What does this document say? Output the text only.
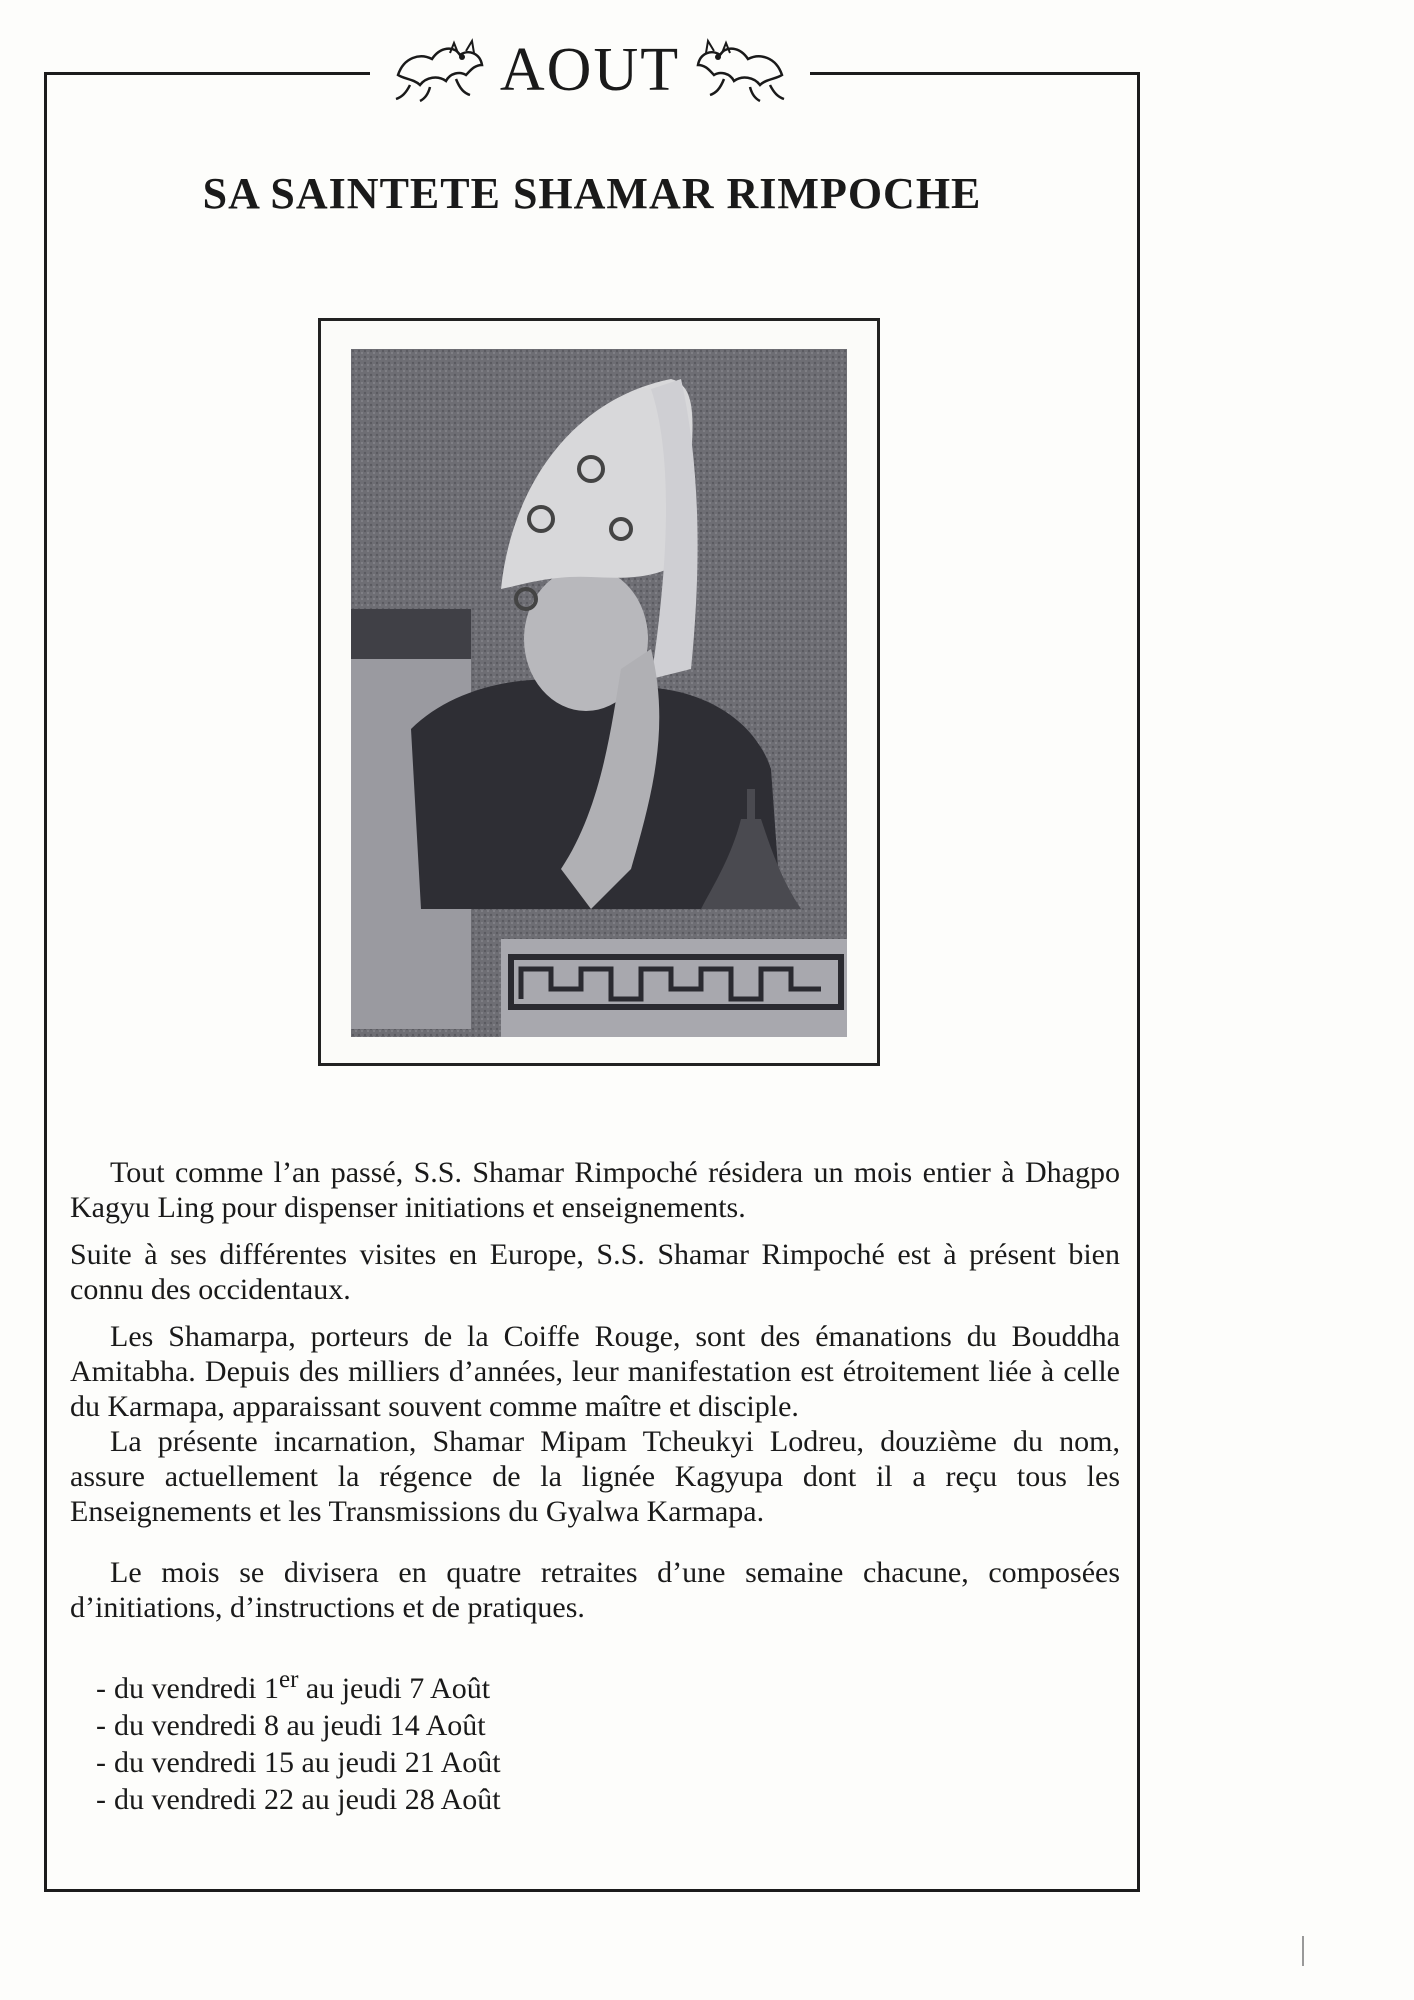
AOUT
SA SAINTETE SHAMAR RIMPOCHE

Tout comme l’an passé, S.S. Shamar Rimpoché résidera un mois entier à Dhagpo Kagyu Ling pour dispenser initiations et enseignements.

Suite à ses différentes visites en Europe, S.S. Shamar Rimpoché est à présent bien connu des occidentaux.

Les Shamarpa, porteurs de la Coiffe Rouge, sont des émanations du Bouddha Amitabha. Depuis des milliers d’années, leur manifestation est étroitement liée à celle du Karmapa, apparaissant souvent comme maître et disciple.

La présente incarnation, Shamar Mipam Tcheukyi Lodreu, douzième du nom, assure actuellement la régence de la lignée Kagyupa dont il a reçu tous les Enseignements et les Transmissions du Gyalwa Karmapa.

Le mois se divisera en quatre retraites d’une semaine chacune, composées d’initiations, d’instructions et de pratiques.

- du vendredi 1er au jeudi 7 Août
- du vendredi 8 au jeudi 14 Août
- du vendredi 15 au jeudi 21 Août
- du vendredi 22 au jeudi 28 Août
